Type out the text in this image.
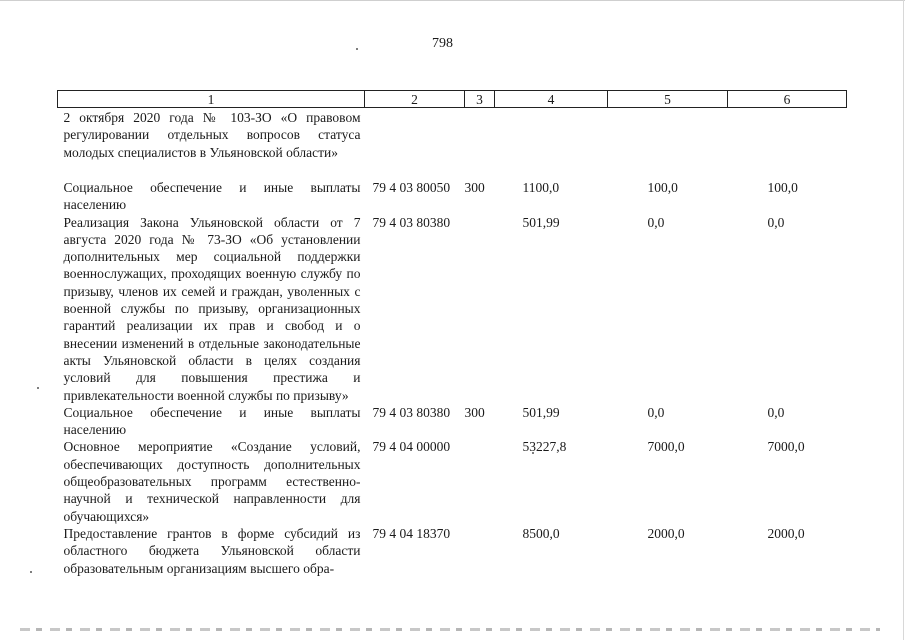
798
1	2	3	4	5	6
2 октября 2020 года № 103-ЗО «О правовом регулировании отдельных вопросов статуса молодых специалистов в Ульяновской области»					
Социальное обеспечение и иные выплаты населению	79 4 03 80050	300	1100,0	100,0	100,0
Реализация Закона Ульяновской области от 7 августа 2020 года № 73-ЗО «Об установлении дополнительных мер социальной поддержки военнослужащих, проходящих военную службу по призыву, членов их семей и граждан, уволенных с военной службы по призыву, организационных гарантий реализации их прав и свобод и о внесении изменений в отдельные законодательные акты Ульяновской области в целях создания условий для повышения престижа и привлекательности военной службы по призыву»	79 4 03 80380		501,99	0,0	0,0
Социальное обеспечение и иные выплаты населению	79 4 03 80380	300	501,99	0,0	0,0
Основное мероприятие «Создание условий, обеспечивающих доступность дополнительных общеобразовательных программ естественно-научной и технической направленности для обучающихся»	79 4 04 00000		53227,8	7000,0	7000,0
Предоставление грантов в форме субсидий из областного бюджета Ульяновской области образовательным организациям высшего обра-	79 4 04 18370		8500,0	2000,0	2000,0
